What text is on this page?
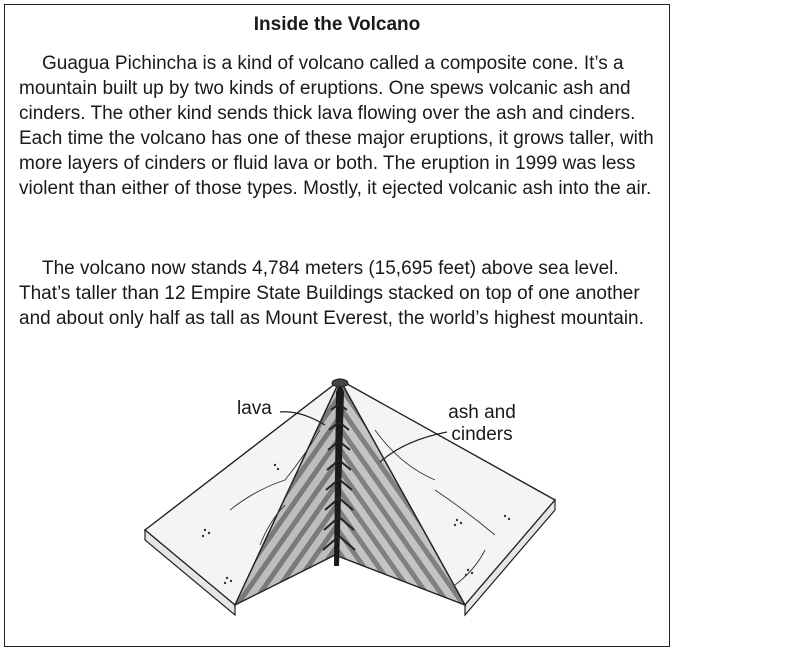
Inside the Volcano

Guagua Pichincha is a kind of volcano called a composite cone. It’s a mountain built up by two kinds of eruptions. One spews volcanic ash and cinders. The other kind sends thick lava flowing over the ash and cinders. Each time the volcano has one of these major eruptions, it grows taller, with more layers of cinders or fluid lava or both. The eruption in 1999 was less violent than either of those types. Mostly, it ejected volcanic ash into the air.

The volcano now stands 4,784 meters (15,695 feet) above sea level. That’s taller than 12 Empire State Buildings stacked on top of one another and about only half as tall as Mount Everest, the world’s highest mountain.

lava	ash and cinders
